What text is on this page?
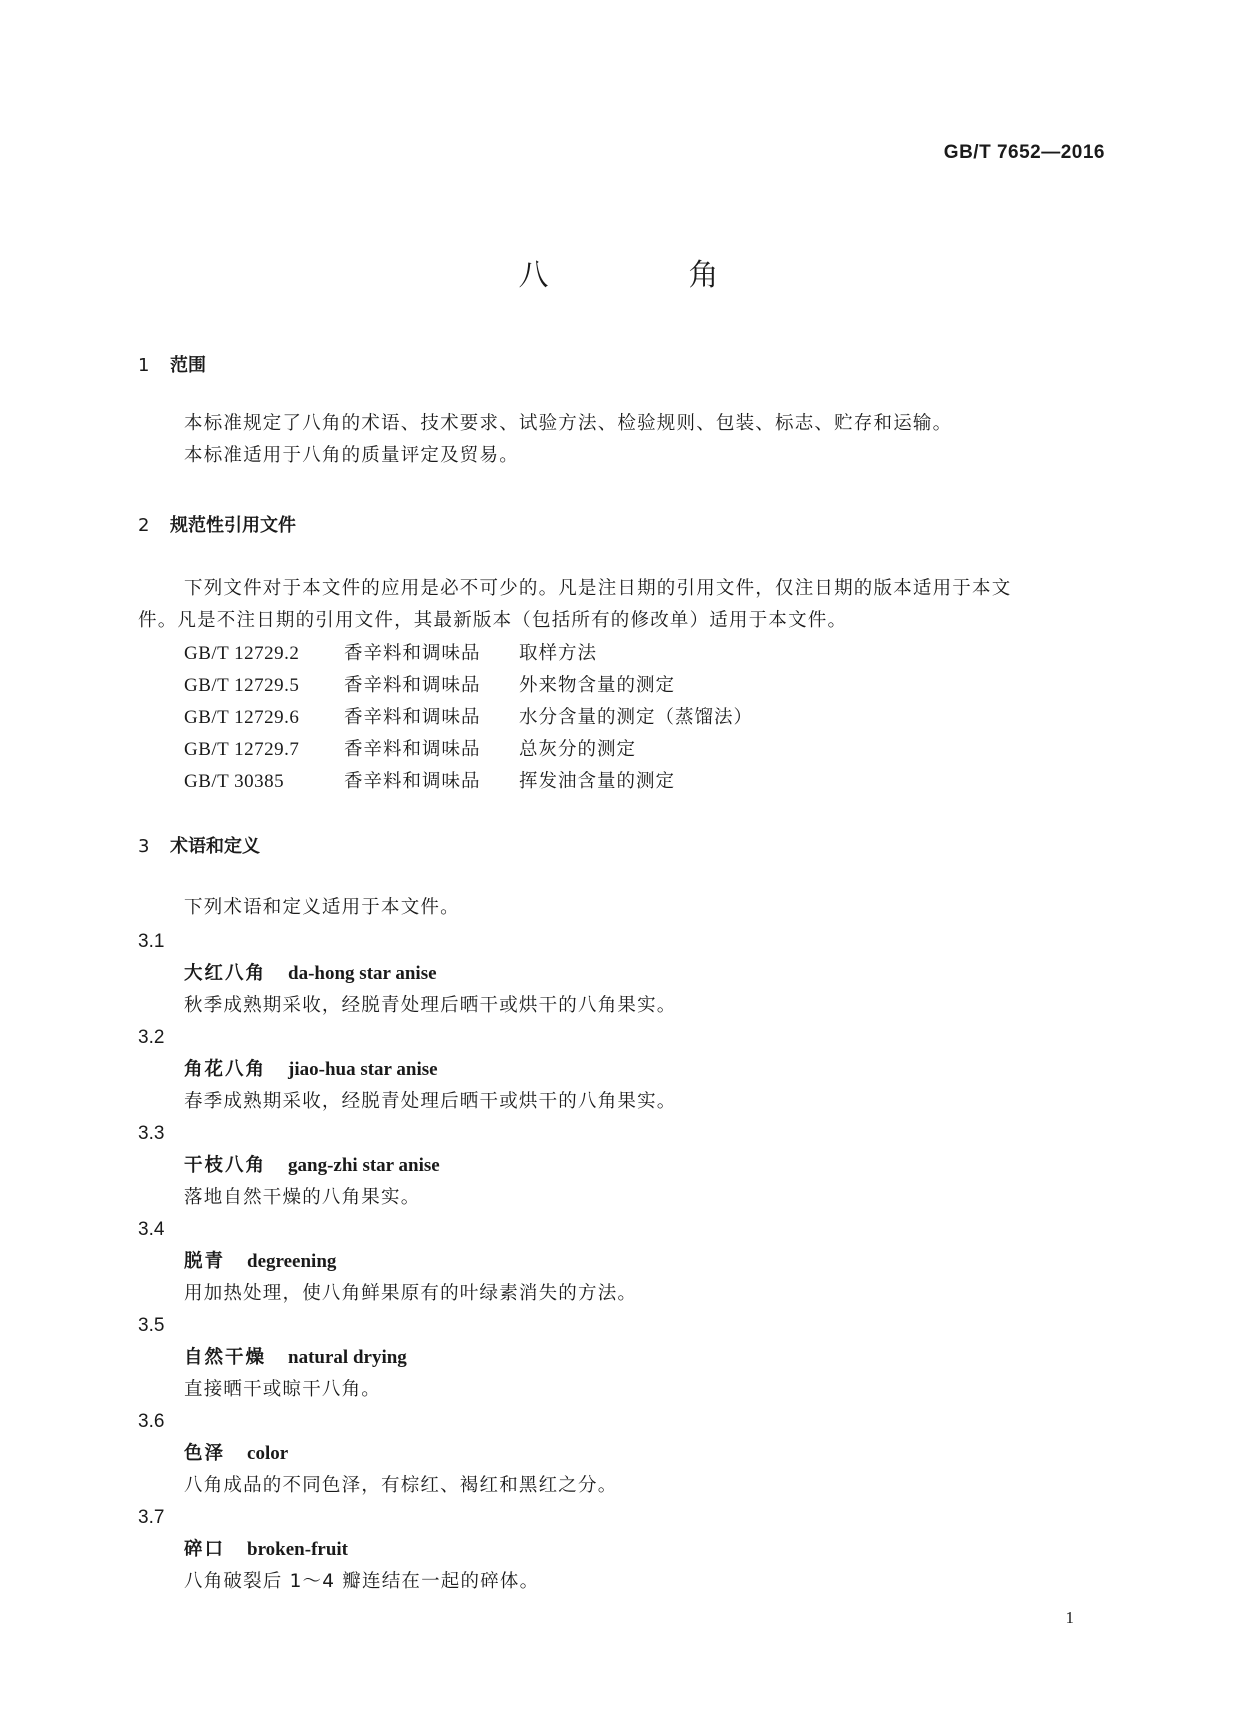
GB/T 7652—2016
八角
1 范围
本标准规定了八角的术语、技术要求、试验方法、检验规则、包装、标志、贮存和运输。
本标准适用于八角的质量评定及贸易。
2 规范性引用文件
下列文件对于本文件的应用是必不可少的。凡是注日期的引用文件，仅注日期的版本适用于本文
件。凡是不注日期的引用文件，其最新版本（包括所有的修改单）适用于本文件。
GB/T 12729.2 香辛料和调味品 取样方法
GB/T 12729.5 香辛料和调味品 外来物含量的测定
GB/T 12729.6 香辛料和调味品 水分含量的测定（蒸馏法）
GB/T 12729.7 香辛料和调味品 总灰分的测定
GB/T 30385	香辛料和调味品 挥发油含量的测定
3 术语和定义
下列术语和定义适用于本文件。
3.1
大红八角 da-hong star anise
秋季成熟期采收，经脱青处理后晒干或烘干的八角果实。
3.2
角花八角 jiao-hua star anise
春季成熟期采收，经脱青处理后晒干或烘干的八角果实。
3.3
干枝八角 gang-zhi star anise
落地自然干燥的八角果实。
3.4
脱青 degreening
用加热处理，使八角鲜果原有的叶绿素消失的方法。
3.5
自然干燥 natural drying
直接晒干或晾干八角。
3.6
色泽 color
八角成品的不同色泽，有棕红、褐红和黑红之分。
3.7
碎口 broken-fruit
八角破裂后 1～4 瓣连结在一起的碎体。
1
